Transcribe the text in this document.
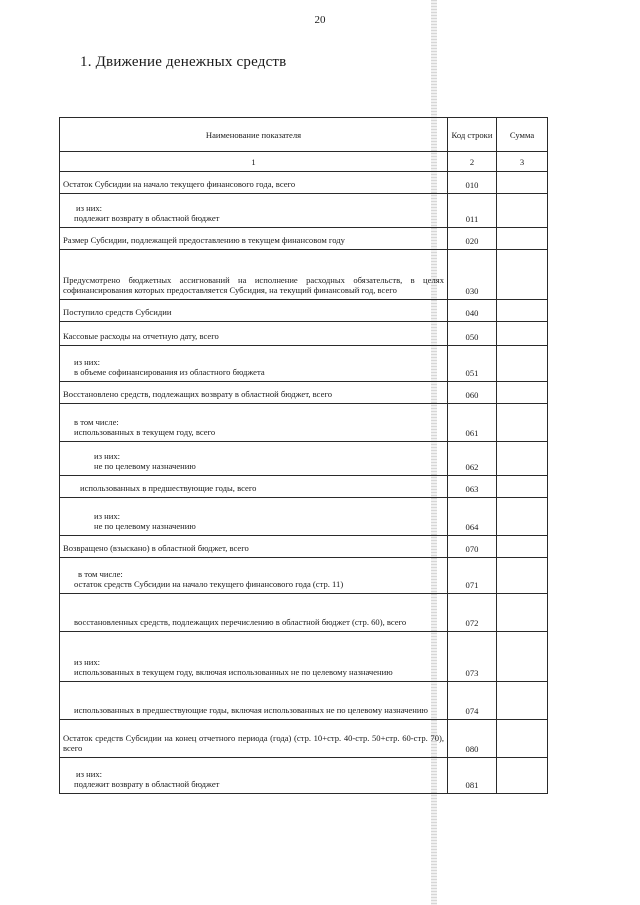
20
1. Движение денежных средств
Наименование показателя	Код строки	Сумма
1	2	3
Остаток Субсидии на начало текущего финансового года, всего	010	

из них:
подлежит возврату в областной бюджет	011	
Размер Субсидии, подлежащей предоставлению в текущем финансовом году	020	
Предусмотрено бюджетных ассигнований на исполнение расходных обязательств, в целях софинансирования которых предоставляется Субсидия, на текущий финансовый год, всего	030	
Поступило средств Субсидии	040	
Кассовые расходы на отчетную дату, всего	050	

из них:
в объеме софинансирования из областного бюджета	051	
Восстановлено средств, подлежащих возврату в областной бюджет, всего	060	

в том числе:
использованных в текущем году, всего	061	

из них:
не по целевому назначению	062	
использованных в предшествующие годы, всего	063	

из них:
не по целевому назначению	064	
Возвращено (взыскано) в областной бюджет, всего	070	

в том числе:
остаток средств Субсидии на начало текущего финансового года (стр. 11)	071	
восстановленных средств, подлежащих перечислению в областной бюджет (стр. 60), всего	072	

из них:
использованных в текущем году, включая использованных не по целевому назначению	073	
использованных в предшествующие годы, включая использованных не по целевому назначению	074	
Остаток средств Субсидии на конец отчетного периода (года) (стр. 10+стр. 40-стр. 50+стр. 60-стр. 70), всего	080	

из них:
подлежит возврату в областной бюджет	081	
